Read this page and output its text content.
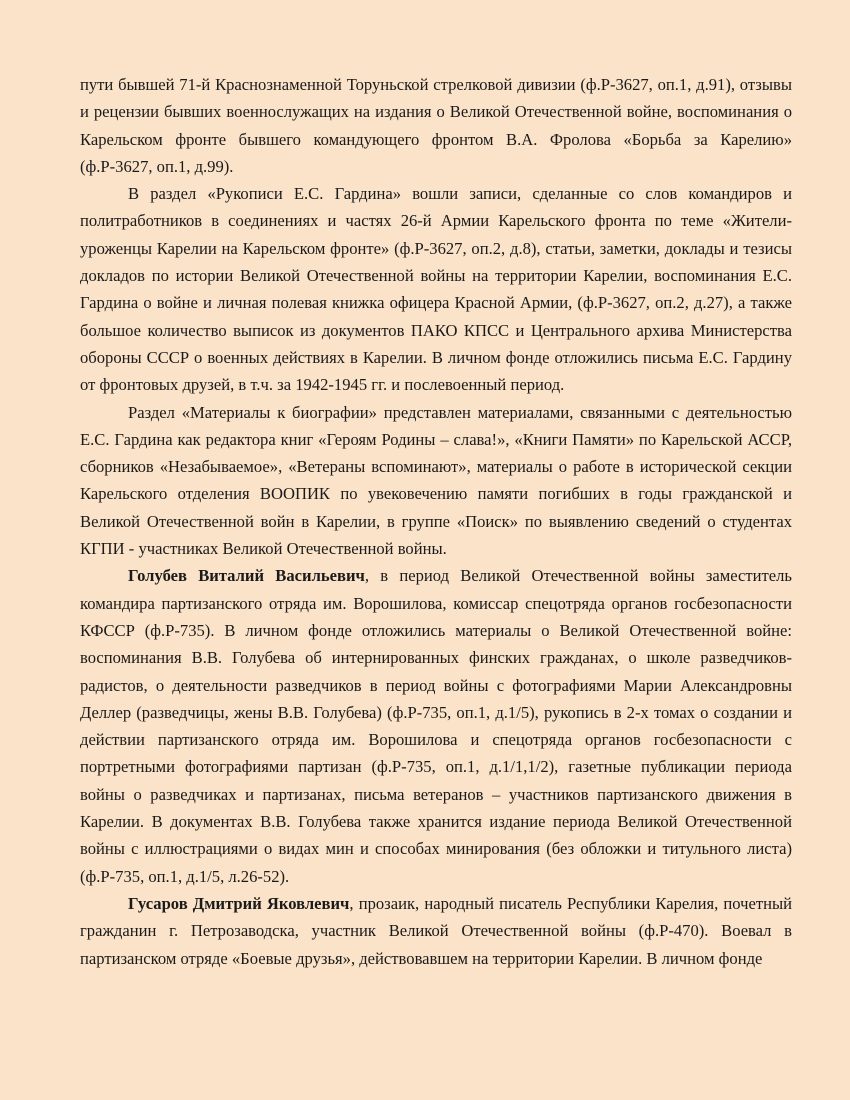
пути бывшей 71-й Краснознаменной Торуньской стрелковой дивизии (ф.Р-3627, оп.1, д.91), отзывы и рецензии бывших военнослужащих на издания о Великой Отечественной войне, воспоминания о Карельском фронте бывшего командующего фронтом В.А. Фролова «Борьба за Карелию» (ф.Р-3627, оп.1, д.99).

В раздел «Рукописи Е.С. Гардина» вошли записи, сделанные со слов командиров и политработников в соединениях и частях 26-й Армии Карельского фронта по теме «Жители-уроженцы Карелии на Карельском фронте» (ф.Р-3627, оп.2, д.8), статьи, заметки, доклады и тезисы докладов по истории Великой Отечественной войны на территории Карелии, воспоминания Е.С. Гардина о войне и личная полевая книжка офицера Красной Армии, (ф.Р-3627, оп.2, д.27), а также большое количество выписок из документов ПАКО КПСС и Центрального архива Министерства обороны СССР о военных действиях в Карелии. В личном фонде отложились письма Е.С. Гардину от фронтовых друзей, в т.ч. за 1942-1945 гг. и послевоенный период.

Раздел «Материалы к биографии» представлен материалами, связанными с деятельностью Е.С. Гардина как редактора книг «Героям Родины – слава!», «Книги Памяти» по Карельской АССР, сборников «Незабываемое», «Ветераны вспоминают», материалы о работе в исторической секции Карельского отделения ВООПИК по увековечению памяти погибших в годы гражданской и Великой Отечественной войн в Карелии, в группе «Поиск» по выявлению сведений о студентах КГПИ - участниках Великой Отечественной войны.

Голубев Виталий Васильевич, в период Великой Отечественной войны заместитель командира партизанского отряда им. Ворошилова, комиссар спецотряда органов госбезопасности КФССР (ф.Р-735). В личном фонде отложились материалы о Великой Отечественной войне: воспоминания В.В. Голубева об интернированных финских гражданах, о школе разведчиков-радистов, о деятельности разведчиков в период войны с фотографиями Марии Александровны Деллер (разведчицы, жены В.В. Голубева) (ф.Р-735, оп.1, д.1/5), рукопись в 2-х томах о создании и действии партизанского отряда им. Ворошилова и спецотряда органов госбезопасности с портретными фотографиями партизан (ф.Р-735, оп.1, д.1/1,1/2), газетные публикации периода войны о разведчиках и партизанах, письма ветеранов – участников партизанского движения в Карелии. В документах В.В. Голубева также хранится издание периода Великой Отечественной войны с иллюстрациями о видах мин и способах минирования (без обложки и титульного листа) (ф.Р-735, оп.1, д.1/5, л.26-52).

Гусаров Дмитрий Яковлевич, прозаик, народный писатель Республики Карелия, почетный гражданин г. Петрозаводска, участник Великой Отечественной войны (ф.Р-470). Воевал в партизанском отряде «Боевые друзья», действовавшем на территории Карелии. В личном фонде
